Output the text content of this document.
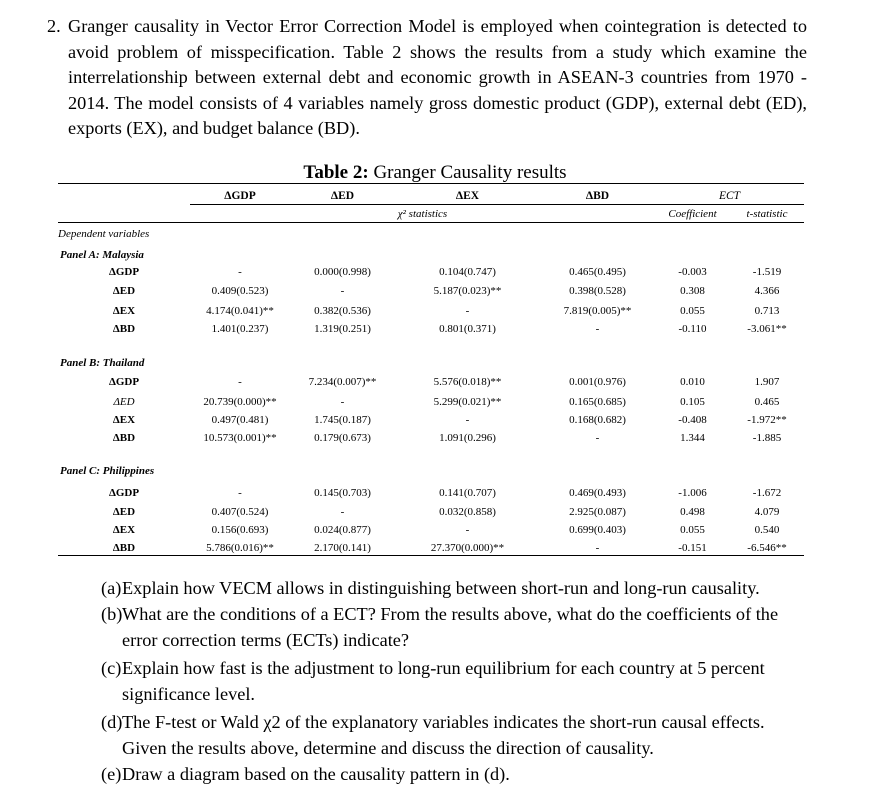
2. Granger causality in Vector Error Correction Model is employed when cointegration is detected to avoid problem of misspecification. Table 2 shows the results from a study which examine the interrelationship between external debt and economic growth in ASEAN-3 countries from 1970 - 2014. The model consists of 4 variables namely gross domestic product (GDP), external debt (ED), exports (EX), and budget balance (BD).
Table 2: Granger Causality results
ΔGDP	ΔED	ΔEX	ΔBD	ECT
χ² statistics	Coefficient	t-statistic
Dependent variables
Panel A: Malaysia
ΔGDP	-	0.000(0.998)	0.104(0.747)	0.465(0.495)	-0.003	-1.519
ΔED	0.409(0.523)	-	5.187(0.023)**	0.398(0.528)	0.308	4.366
ΔEX	4.174(0.041)**	0.382(0.536)	-	7.819(0.005)**	0.055	0.713
ΔBD	1.401(0.237)	1.319(0.251)	0.801(0.371)	-	-0.110	-3.061**
Panel B: Thailand
ΔGDP	-	7.234(0.007)**	5.576(0.018)**	0.001(0.976)	0.010	1.907
ΔED	20.739(0.000)**	-	5.299(0.021)**	0.165(0.685)	0.105	0.465
ΔEX	0.497(0.481)	1.745(0.187)	-	0.168(0.682)	-0.408	-1.972**
ΔBD	10.573(0.001)**	0.179(0.673)	1.091(0.296)	-	1.344	-1.885
Panel C: Philippines
ΔGDP	-	0.145(0.703)	0.141(0.707)	0.469(0.493)	-1.006	-1.672
ΔED	0.407(0.524)	-	0.032(0.858)	2.925(0.087)	0.498	4.079
ΔEX	0.156(0.693)	0.024(0.877)	-	0.699(0.403)	0.055	0.540
ΔBD	5.786(0.016)**	2.170(0.141)	27.370(0.000)**	-	-0.151	-6.546**
(a) Explain how VECM allows in distinguishing between short-run and long-run causality.
(b) What are the conditions of a ECT? From the results above, what do the coefficients of the error correction terms (ECTs) indicate?
(c) Explain how fast is the adjustment to long-run equilibrium for each country at 5 percent significance level.
(d) The F-test or Wald χ2 of the explanatory variables indicates the short-run causal effects. Given the results above, determine and discuss the direction of causality.
(e) Draw a diagram based on the causality pattern in (d).
